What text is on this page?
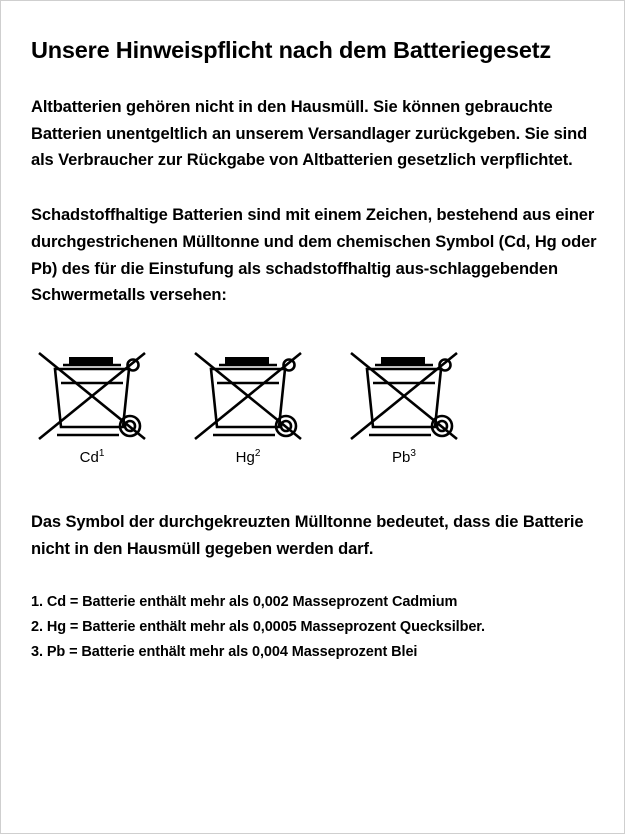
Unsere Hinweispflicht nach dem Batteriegesetz

Altbatterien gehören nicht in den Hausmüll. Sie können gebrauchte Batterien unentgeltlich an unserem Versandlager zurückgeben. Sie sind als Verbraucher zur Rückgabe von Altbatterien gesetzlich verpflichtet.

Schadstoffhaltige Batterien sind mit einem Zeichen, bestehend aus einer durchgestrichenen Mülltonne und dem chemischen Symbol (Cd, Hg oder Pb) des für die Einstufung als schadstoffhaltig aus-schlaggebenden Schwermetalls versehen:

Cd$^1$	Hg$^2$	Pb$^3$

Das Symbol der durchgekreuzten Mülltonne bedeutet, dass die Batterie nicht in den Hausmüll gegeben werden darf.

1. Cd = Batterie enthält mehr als 0,002 Masseprozent Cadmium
2. Hg = Batterie enthält mehr als 0,0005 Masseprozent Quecksilber.
3. Pb = Batterie enthält mehr als 0,004 Masseprozent Blei
